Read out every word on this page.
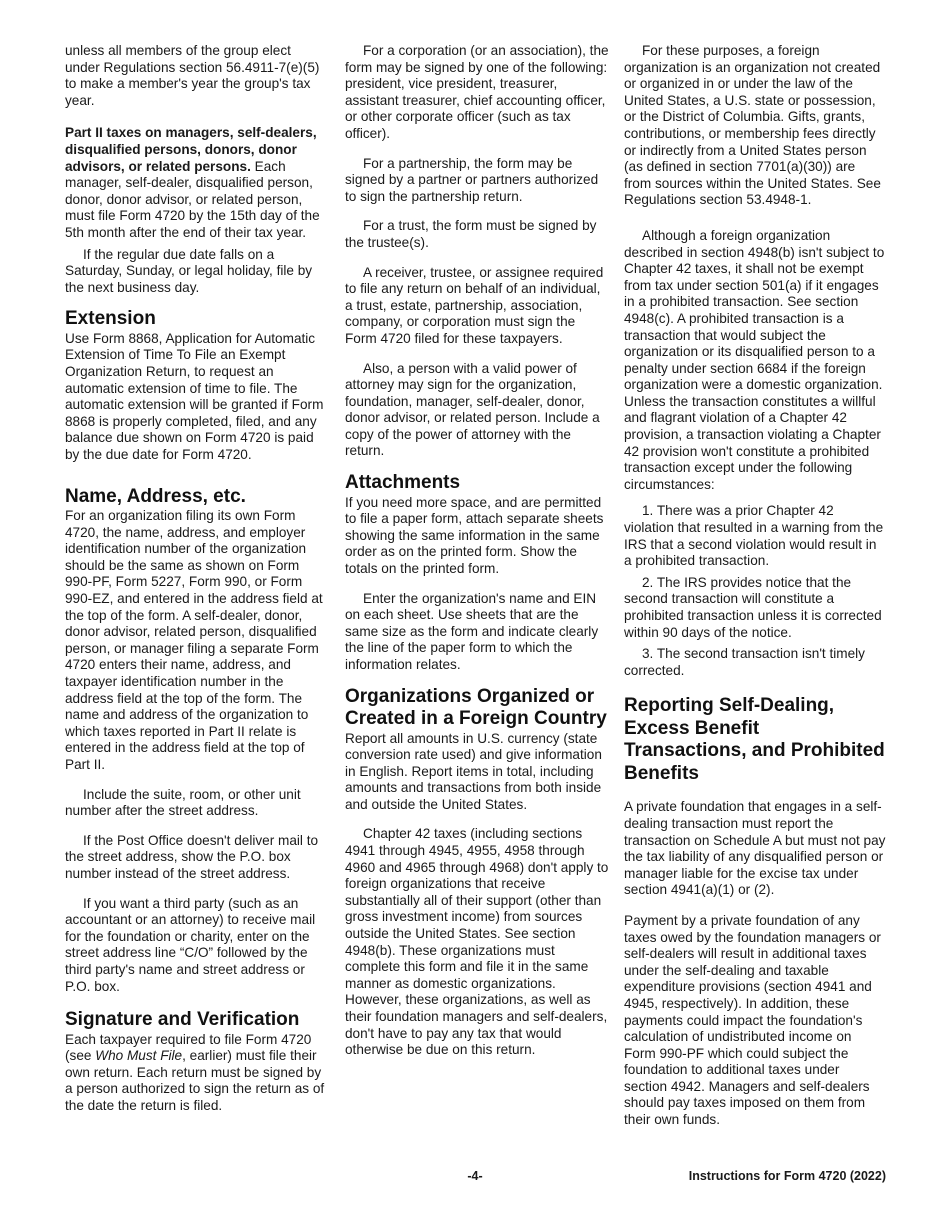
unless all members of the group elect under Regulations section 56.4911-7(e)(5) to make a member's year the group's tax year.

Part II taxes on managers, self-dealers, disqualified persons, donors, donor advisors, or related persons. Each manager, self-dealer, disqualified person, donor, donor advisor, or related person, must file Form 4720 by the 15th day of the 5th month after the end of their tax year.

If the regular due date falls on a Saturday, Sunday, or legal holiday, file by the next business day.

Extension

Use Form 8868, Application for Automatic Extension of Time To File an Exempt Organization Return, to request an automatic extension of time to file. The automatic extension will be granted if Form 8868 is properly completed, filed, and any balance due shown on Form 4720 is paid by the due date for Form 4720.

Name, Address, etc.

For an organization filing its own Form 4720, the name, address, and employer identification number of the organization should be the same as shown on Form 990-PF, Form 5227, Form 990, or Form 990-EZ, and entered in the address field at the top of the form. A self-dealer, donor, donor advisor, related person, disqualified person, or manager filing a separate Form 4720 enters their name, address, and taxpayer identification number in the address field at the top of the form. The name and address of the organization to which taxes reported in Part II relate is entered in the address field at the top of Part II.

Include the suite, room, or other unit number after the street address.

If the Post Office doesn't deliver mail to the street address, show the P.O. box number instead of the street address.

If you want a third party (such as an accountant or an attorney) to receive mail for the foundation or charity, enter on the street address line “C/O” followed by the third party's name and street address or P.O. box.

Signature and Verification

Each taxpayer required to file Form 4720 (see Who Must File, earlier) must file their own return. Each return must be signed by a person authorized to sign the return as of the date the return is filed.

For a corporation (or an association), the form may be signed by one of the following: president, vice president, treasurer, assistant treasurer, chief accounting officer, or other corporate officer (such as tax officer).

For a partnership, the form may be signed by a partner or partners authorized to sign the partnership return.

For a trust, the form must be signed by the trustee(s).

A receiver, trustee, or assignee required to file any return on behalf of an individual, a trust, estate, partnership, association, company, or corporation must sign the Form 4720 filed for these taxpayers.

Also, a person with a valid power of attorney may sign for the organization, foundation, manager, self-dealer, donor, donor advisor, or related person. Include a copy of the power of attorney with the return.

Attachments

If you need more space, and are permitted to file a paper form, attach separate sheets showing the same information in the same order as on the printed form. Show the totals on the printed form.

Enter the organization's name and EIN on each sheet. Use sheets that are the same size as the form and indicate clearly the line of the paper form to which the information relates.

Organizations Organized or Created in a Foreign Country

Report all amounts in U.S. currency (state conversion rate used) and give information in English. Report items in total, including amounts and transactions from both inside and outside the United States.

Chapter 42 taxes (including sections 4941 through 4945, 4955, 4958 through 4960 and 4965 through 4968) don't apply to foreign organizations that receive substantially all of their support (other than gross investment income) from sources outside the United States. See section 4948(b). These organizations must complete this form and file it in the same manner as domestic organizations. However, these organizations, as well as their foundation managers and self-dealers, don't have to pay any tax that would otherwise be due on this return.

For these purposes, a foreign organization is an organization not created or organized in or under the law of the United States, a U.S. state or possession, or the District of Columbia. Gifts, grants, contributions, or membership fees directly or indirectly from a United States person (as defined in section 7701(a)(30)) are from sources within the United States. See Regulations section 53.4948-1.

Although a foreign organization described in section 4948(b) isn't subject to Chapter 42 taxes, it shall not be exempt from tax under section 501(a) if it engages in a prohibited transaction. See section 4948(c). A prohibited transaction is a transaction that would subject the organization or its disqualified person to a penalty under section 6684 if the foreign organization were a domestic organization. Unless the transaction constitutes a willful and flagrant violation of a Chapter 42 provision, a transaction violating a Chapter 42 provision won't constitute a prohibited transaction except under the following circumstances:

1. There was a prior Chapter 42 violation that resulted in a warning from the IRS that a second violation would result in a prohibited transaction.

2. The IRS provides notice that the second transaction will constitute a prohibited transaction unless it is corrected within 90 days of the notice.

3. The second transaction isn't timely corrected.

Reporting Self-Dealing, Excess Benefit Transactions, and Prohibited Benefits

A private foundation that engages in a self-dealing transaction must report the transaction on Schedule A but must not pay the tax liability of any disqualified person or manager liable for the excise tax under section 4941(a)(1) or (2).

Payment by a private foundation of any taxes owed by the foundation managers or self-dealers will result in additional taxes under the self-dealing and taxable expenditure provisions (section 4941 and 4945, respectively). In addition, these payments could impact the foundation's calculation of undistributed income on Form 990-PF which could subject the foundation to additional taxes under section 4942. Managers and self-dealers should pay taxes imposed on them from their own funds.

-4-	Instructions for Form 4720 (2022)
